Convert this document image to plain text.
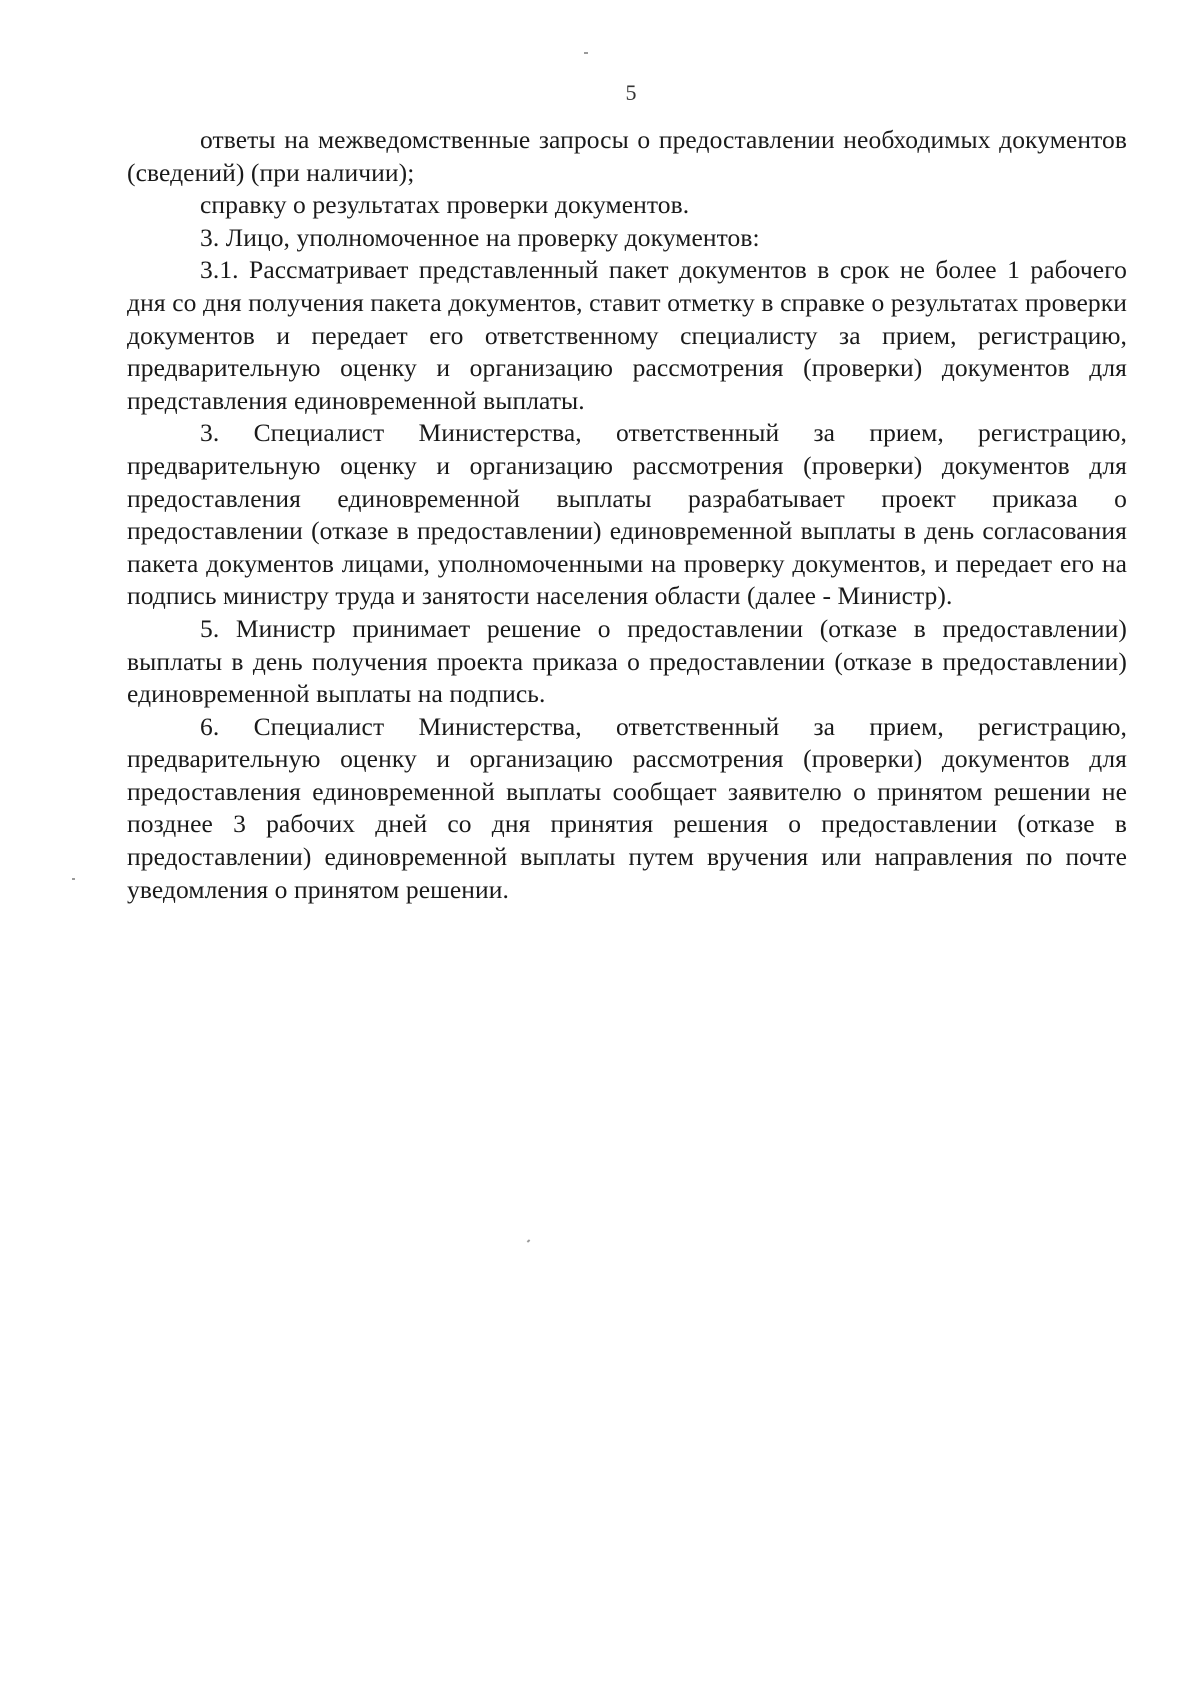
5

ответы на межведомственные запросы о предоставлении необходимых документов (сведений) (при наличии);

справку о результатах проверки документов.

3. Лицо, уполномоченное на проверку документов:

3.1. Рассматривает представленный пакет документов в срок не более 1 рабочего дня со дня получения пакета документов, ставит отметку в справке о результатах проверки документов и передает его ответственному специалисту за прием, регистрацию, предварительную оценку и организацию рассмотрения (проверки) документов для представления единовременной выплаты.

3. Специалист Министерства, ответственный за прием, регистрацию, предварительную оценку и организацию рассмотрения (проверки) документов для предоставления единовременной выплаты разрабатывает проект приказа о предоставлении (отказе в предоставлении) единовременной выплаты в день согласования пакета документов лицами, уполномоченными на проверку документов, и передает его на подпись министру труда и занятости населения области (далее - Министр).

5. Министр принимает решение о предоставлении (отказе в предоставлении) выплаты в день получения проекта приказа о предоставлении (отказе в предоставлении) единовременной выплаты на подпись.

6. Специалист Министерства, ответственный за прием, регистрацию, предварительную оценку и организацию рассмотрения (проверки) документов для предоставления единовременной выплаты сообщает заявителю о принятом решении не позднее 3 рабочих дней со дня принятия решения о предоставлении (отказе в предоставлении) единовременной выплаты путем вручения или направления по почте уведомления о принятом решении.
